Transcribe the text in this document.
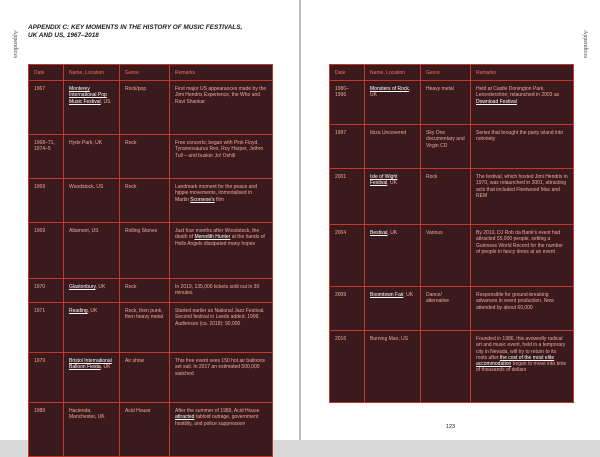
Appendices
APPENDIX C: KEY MOMENTS IN THE HISTORY OF MUSIC FESTIVALS,
UK AND US, 1967–2018
Date	Name, Location	Genre	Remarks
1967	Monterey International Pop Music Festival, US	Rock/pop	First major US appearances made by the Jimi Hendrix Experience, the Who and Ravi Shankar
1968–71, 1974–5	Hyde Park, UK	Rock	Free concerts; began with Pink Floyd, Tyrannosaurus Rex, Roy Harper, Jethro Tull – and busker Jo! Oshill
1969	Woodstock, US	Rock	Landmark moment for the peace and hippie movements, immortalised in Martin Scorsese's film
1969	Altamont, US	Rolling Stones	Just four months after Woodstock, the death of Meredith Hunter at the hands of Hells Angels dissipated many hopes
1970	Glastonbury, UK	Rock	In 2019, 135,000 tickets sold out in 30 minutes
1971	Reading, UK	Rock, then punk, then heavy metal	Started earlier as National Jazz Festival. Second festival in Leeds added, 1999. Audiences (ca. 2018): 90,000
1979	Bristol International Balloon Fiesta, UK	Air show	This free event sees 150 hot air balloons set sail. In 2017 an estimated 500,000 watched
1989	Hacienda, Manchester, UK	Acid House	After the summer of 1989, Acid House attracted tabloid outrage, government hostility, and police suppression
122
Appendices
Date	Name, Location	Genre	Remarks
1980–1996	Monsters of Rock, UK	Heavy metal	Held at Castle Donington Park, Leicestershire; relaunched in 2003 as Download Festival
1997	Ibiza Uncovered	Sky One documentary and Virgin CD	Series that brought the party island into notoriety
2001	Isle of Wight Festival, UK	Rock	The festival, which hosted Jimi Hendrix in 1970, was relaunched in 2001, attracting acts that included Fleetwood Mac and REM
2004	Bestival, UK	Various	By 2010, DJ Rob da Bank's event had attracted 55,000 people, setting a Guinness World Record for the number of people in fancy dress at an event
2009	Boomtown Fair, UK	Dance/ alternative	Responsible for ground-breaking advances in event production. Now attended by about 60,000
2016	Burning Man, US		Founded in 1986, this avowedly radical art and music event, held in a temporary city in Nevada, will try to return to its roots after the cost of the most elite accommodation began to move into tens of thousands of dollars
123
